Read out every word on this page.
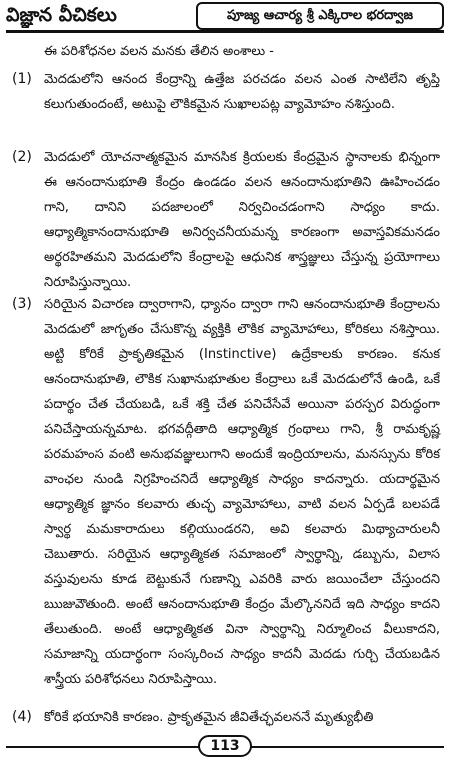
విజ్ఞాన వీచికలు	పూజ్య ఆచార్య శ్రీ ఎక్కిరాల భరద్వాజ
ఈ పరిశోధనల వలన మనకు తేలిన అంశాలు -
(1) మెదడులోని ఆనంద కేంద్రాన్ని ఉత్తేజ పరచడం వలన ఎంత సాటిలేని తృప్తి కలుగుతుందంటే, అటుపై లౌకికమైన సుఖాలపట్ల వ్యామోహం నశిస్తుంది.
(2) మెదడులో యోచనాత్మకమైన మానసిక క్రియలకు కేంద్రమైన స్థానాలకు భిన్నంగా ఈ ఆనందానుభూతి కేంద్రం ఉండడం వలన ఆనందానుభూతిని ఊహించడం గాని, దానిని పదజాలంలో నిర్వచించడంగాని సాధ్యం కాదు. ఆధ్యాత్మికానందానుభూతి అనిర్వచనీయమన్న కారణంగా అవాస్తవికమనడం అర్థరహితమని మెదడులోని కేంద్రాలపై ఆధునిక శాస్త్రజ్ఞులు చేస్తున్న ప్రయోగాలు నిరూపిస్తున్నాయి.
(3) సరియైన విచారణ ద్వారాగాని, ధ్యానం ద్వారా గాని ఆనందానుభూతి కేంద్రాలను మెదడులో జాగృతం చేసుకొన్న వ్యక్తికి లౌకిక వ్యామోహాలు, కోరికలు నశిస్తాయి. అట్టి కోరికే ప్రాకృతికమైన (Instinctive) ఉద్రేకాలకు కారణం. కనుక ఆనందానుభూతి, లౌకిక సుఖానుభూతుల కేంద్రాలు ఒకే మెదడులోనే ఉండి, ఒకే పదార్థం చేత చేయబడి, ఒకే శక్తి చేత పనిచేసేవే అయినా పరస్పర విరుద్ధంగా పనిచేస్తాయన్నమాట. భగవద్గీతాది ఆధ్యాత్మిక గ్రంథాలు గాని, శ్రీ రామకృష్ణ పరమహంస వంటి అనుభవజ్ఞులుగాని అందుకే ఇంద్రియాలను, మనస్సును కోరిక వాంఛల నుండి నిగ్రహించనిదే ఆధ్యాత్మిక సాధ్యం కాదన్నారు. యదార్థమైన ఆధ్యాత్మిక జ్ఞానం కలవారు తుచ్ఛ వ్యామోహాలు, వాటి వలన ఏర్పడే బలపడే స్వార్థ మమకారాదులు కల్గియుండరని, అవి కలవారు మిథ్యాచారులనీ చెబుతారు. సరియైన ఆధ్యాత్మికత సమాజంలో స్వార్థాన్ని, డబ్బును, విలాస వస్తువులను కూడ బెట్టుకునే గుణాన్ని ఎవరికి వారు జయించేలా చేస్తుందని ఋజువౌతుంది. అంటే ఆనందానుభూతి కేంద్రం మేల్కొననిదే ఇది సాధ్యం కాదని తేలుతుంది. అంటే ఆధ్యాత్మికత వినా స్వార్థాన్ని నిర్మూలించ వీలుకాదని, సమాజాన్ని యదార్థంగా సంస్కరించ సాధ్యం కాదనీ మెదడు గుర్చి చేయబడిన శాస్త్రీయ పరిశోధనలు నిరూపిస్తాయి.
(4) కోరికే భయానికి కారణం. ప్రాకృతమైన జీవితేచ్ఛవలననే మృత్యుభీతి
113
